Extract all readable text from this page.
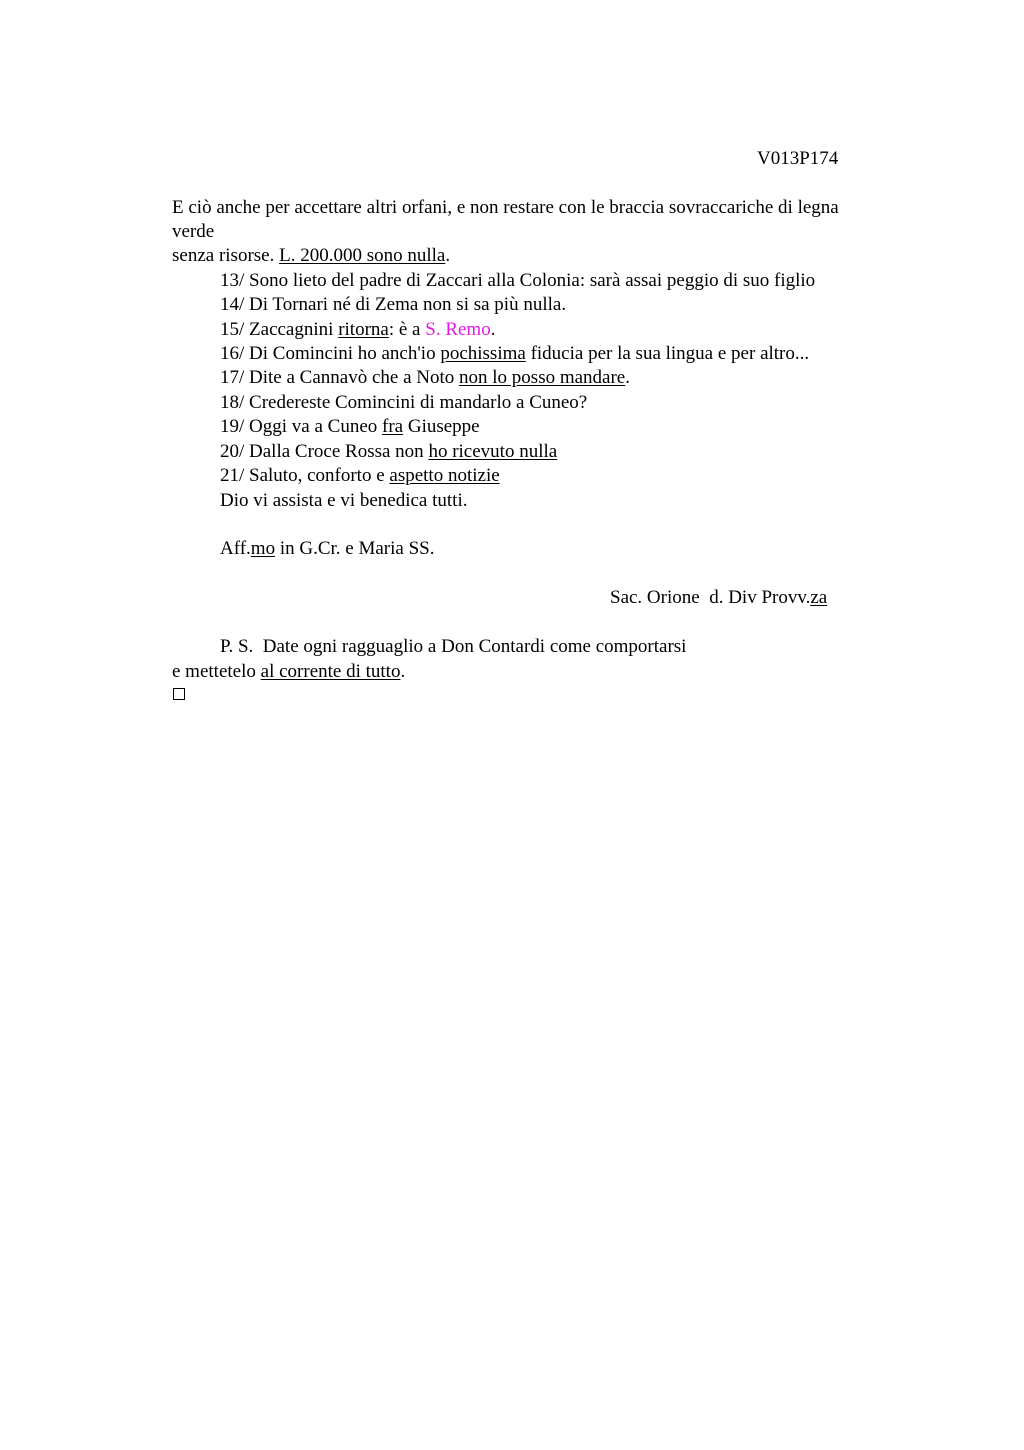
V013P174
E ciò anche per accettare altri orfani, e non restare con le braccia sovraccariche di legna
verde
senza risorse. L. 200.000 sono nulla.
13/ Sono lieto del padre di Zaccari alla Colonia: sarà assai peggio di suo figlio
14/ Di Tornari né di Zema non si sa più nulla.
15/ Zaccagnini ritorna: è a S. Remo.
16/ Di Comincini ho anch'io pochissima fiducia per la sua lingua e per altro...
17/ Dite a Cannavò che a Noto non lo posso mandare.
18/ Credereste Comincini di mandarlo a Cuneo?
19/ Oggi va a Cuneo fra Giuseppe
20/ Dalla Croce Rossa non ho ricevuto nulla
21/ Saluto, conforto e aspetto notizie
Dio vi assista e vi benedica tutti.
Aff.mo in G.Cr. e Maria SS.
Sac. Orione  d. Div Provv.za
P. S.  Date ogni ragguaglio a Don Contardi come comportarsi
e mettetelo al corrente di tutto.
